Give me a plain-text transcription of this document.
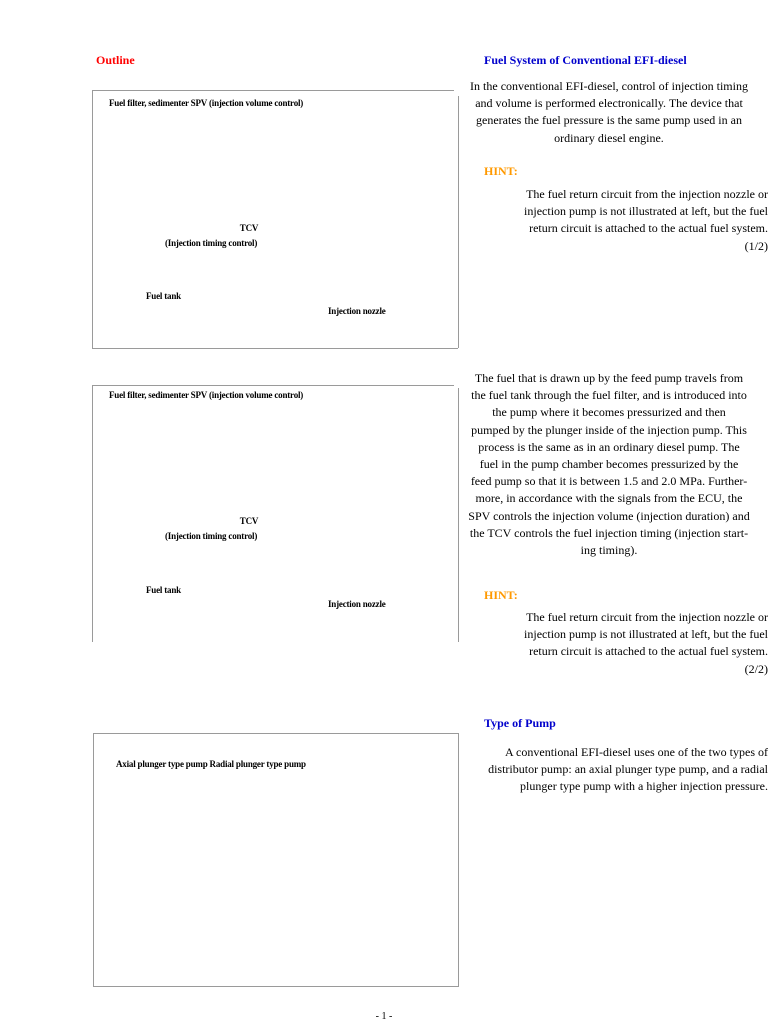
Outline	Fuel System of Conventional EFI-diesel
Fuel filter, sedimenter SPV (injection volume control)
TCV
(Injection timing control)
Fuel tank
Injection nozzle
In the conventional EFI-diesel, control of injection timing
and volume is performed electronically. The device that
generates the fuel pressure is the same pump used in an
ordinary diesel engine.
HINT:
The fuel return circuit from the injection nozzle or
injection pump is not illustrated at left, but the fuel
return circuit is attached to the actual fuel system.
(1/2)
Fuel filter, sedimenter SPV (injection volume control)
TCV
(Injection timing control)
Fuel tank
Injection nozzle
The fuel that is drawn up by the feed pump travels from
the fuel tank through the fuel filter, and is introduced into
the pump where it becomes pressurized and then
pumped by the plunger inside of the injection pump. This
process is the same as in an ordinary diesel pump. The
fuel in the pump chamber becomes pressurized by the
feed pump so that it is between 1.5 and 2.0 MPa. Further-
more, in accordance with the signals from the ECU, the
SPV controls the injection volume (injection duration) and
the TCV controls the fuel injection timing (injection start-
ing timing).
HINT:
The fuel return circuit from the injection nozzle or
injection pump is not illustrated at left, but the fuel
return circuit is attached to the actual fuel system.
(2/2)
Type of Pump
Axial plunger type pump Radial plunger type pump
A conventional EFI-diesel uses one of the two types of
distributor pump: an axial plunger type pump, and a radial
plunger type pump with a higher injection pressure.
- 1 -
